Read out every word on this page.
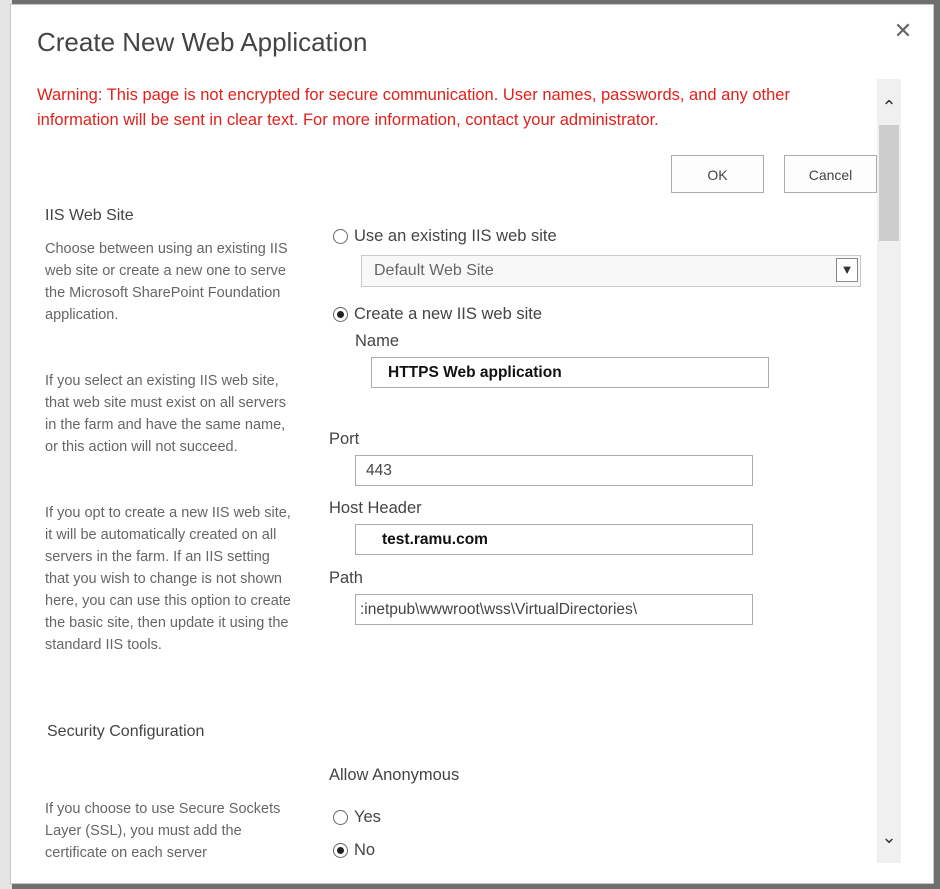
Create New Web Application	✕
Warning: This page is not encrypted for secure communication. User names, passwords, and any other information will be sent in clear text. For more information, contact your administrator.
OK	Cancel
IIS Web Site
Choose between using an existing IIS web site or create a new one to serve the Microsoft SharePoint Foundation application.
If you select an existing IIS web site, that web site must exist on all servers in the farm and have the same name, or this action will not succeed.
If you opt to create a new IIS web site, it will be automatically created on all servers in the farm. If an IIS setting that you wish to change is not shown here, you can use this option to create the basic site, then update it using the standard IIS tools.
Use an existing IIS web site
Default Web Site	▼
Create a new IIS web site
Name
HTTPS Web application
Port
443
Host Header
test.ramu.com
Path
:inetpub\wwwroot\wss\VirtualDirectories\
Security Configuration
If you choose to use Secure Sockets Layer (SSL), you must add the certificate on each server
Allow Anonymous
Yes
No
⌃
⌄
